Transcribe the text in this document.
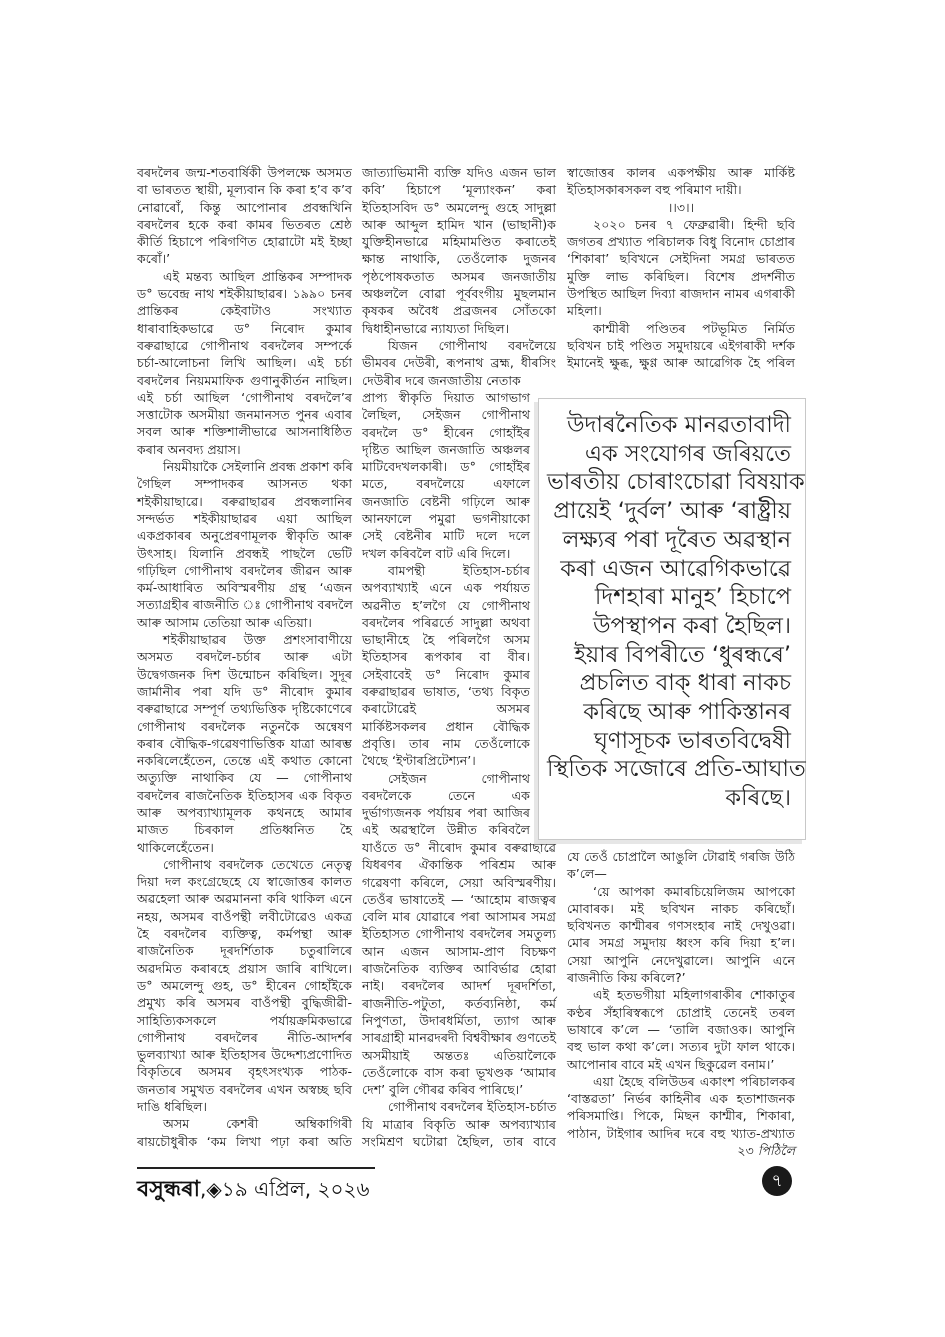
বৰদলৈৰ জন্ম-শতবাৰ্ষিকী উপলক্ষে অসমত
বা ভাৰতত স্থায়ী, মূল্যবান কি কৰা হ’ব ক’ব
নোৱাৰোঁ, কিন্তু আপোনাৰ প্ৰবন্ধখিনি
বৰদলৈৰ হকে কৰা কামৰ ভিতৰত শ্ৰেষ্ঠ
কীৰ্তি হিচাপে পৰিগণিত হোৱাটো মই ইচ্ছা
কৰোঁ।’
এই মন্তব্য আছিল প্ৰান্তিকৰ সম্পাদক
ড° ভবেন্দ্ৰ নাথ শইকীয়াছাৱৰ। ১৯৯০ চনৰ
প্ৰান্তিকৰ কেইবাটাও সংখ্যাত
ধাৰাবাহিকভাৱে ড° নিৰোদ কুমাৰ
বৰুৱাছাৱে গোপীনাথ বৰদলৈৰ সম্পৰ্কে
চৰ্চা-আলোচনা লিখি আছিল। এই চৰ্চা
বৰদলৈৰ নিয়মমাফিক গুণানুকীৰ্তন নাছিল।
এই চৰ্চা আছিল ‘গোপীনাথ বৰদলৈ’ৰ
সত্তাটোক অসমীয়া জনমানসত পুনৰ এবাৰ
সবল আৰু শক্তিশালীভাৱে আসনাধিষ্ঠিত
কৰাৰ অনবদ্য প্ৰয়াস।
নিয়মীয়াকৈ সেইলানি প্ৰবন্ধ প্ৰকাশ কৰি
গৈছিল সম্পাদকৰ আসনত থকা
শইকীয়াছাৱে। বৰুৱাছাৱৰ প্ৰবন্ধলানিৰ
সন্দৰ্ভত শইকীয়াছাৱৰ এয়া আছিল
একপ্ৰকাৰৰ অনুপ্ৰেৰণামূলক স্বীকৃতি আৰু
উৎসাহ। যিলানি প্ৰবন্ধই পাছলৈ ভেটি
গঢ়িছিল গোপীনাথ বৰদলৈৰ জীৱন আৰু
কৰ্ম-আধাৰিত অবিস্মৰণীয় গ্ৰন্থ ‘এজন
সত্যাগ্ৰহীৰ ৰাজনীতি ঃ গোপীনাথ বৰদলৈ
আৰু আসাম তেতিয়া আৰু এতিয়া।
শইকীয়াছাৱৰ উক্ত প্ৰশংসাবাণীয়ে
অসমত বৰদলৈ-চৰ্চাৰ আৰু এটা
উদ্বেগজনক দিশ উন্মোচন কৰিছিল। সুদূৰ
জাৰ্মানীৰ পৰা যদি ড° নীৰোদ কুমাৰ
বৰুৱাছাৱে সম্পূৰ্ণ তথ্যভিত্তিক দৃষ্টিকোণেৰে
গোপীনাথ বৰদলৈক নতুনকৈ অন্বেষণ
কৰাৰ বৌদ্ধিক-গৱেষণাভিত্তিক যাত্ৰা আৰম্ভ
নকৰিলেহেঁতেন, তেন্তে এই কথাত কোনো
অত্যুক্তি নাথাকিব যে — গোপীনাথ
বৰদলৈৰ ৰাজনৈতিক ইতিহাসৰ এক বিকৃত
আৰু অপব্যাখ্যামূলক কথনহে আমাৰ
মাজত চিৰকাল প্ৰতিধ্বনিত হৈ
থাকিলেহেঁতেন।
গোপীনাথ বৰদলৈক তেখেতে নেতৃত্ব
দিয়া দল কংগ্ৰেছেহে যে স্বাজোত্তৰ কালত
অৱহেলা আৰু অৱমাননা কৰি থাকিল এনে
নহয়, অসমৰ বাওঁপন্থী লবীটোৱেও একত্ৰ
হৈ বৰদলৈৰ ব্যক্তিত্ব, কৰ্মপন্থা আৰু
ৰাজনৈতিক দূৰদৰ্শিতাক চতুৰালিৰে
অৱদমিত কৰাৰহে প্ৰয়াস জাৰি ৰাখিলে।
ড° অমলেন্দু গুহ, ড° হীৰেন গোহাঁইকে
প্ৰমুখ্য কৰি অসমৰ বাওঁপন্থী বুদ্ধিজীৱী-
সাহিত্যিকসকলে পৰ্যায়ক্ৰমিকভাৱে
গোপীনাথ বৰদলৈৰ নীতি-আদৰ্শৰ
ভুলব্যাখ্যা আৰু ইতিহাসৰ উদ্দেশ্যপ্ৰণোদিত
বিকৃতিৰে অসমৰ বৃহৎসংখ্যক পাঠক-
জনতাৰ সমুখত বৰদলৈৰ এখন অস্বচ্ছ ছবি
দাঙি ধৰিছিল।
অসম কেশৰী অম্বিকাগিৰী
ৰায়চৌধুৰীক ‘কম লিখা পঢ়া কৰা অতি
জাত্যাভিমানী ব্যক্তি যদিও এজন ভাল
কবি’ হিচাপে ‘মূল্যাংকন’ কৰা
ইতিহাসবিদ ড° অমলেন্দু গুহে সাদুল্লা
আৰু আব্দুল হামিদ খান (ভাছানী)ক
যুক্তিহীনভাৱে মহিমামণ্ডিত কৰাতেই
ক্ষান্ত নাথাকি, তেওঁলোক দুজনৰ
পৃষ্ঠপোষকতাত অসমৰ জনজাতীয়
অঞ্চললৈ বোৱা পূৰ্ববংগীয় মুছলমান
কৃষকৰ অবৈধ প্ৰব্ৰজনৰ সোঁতকো
দ্বিধাহীনভাৱে ন্যায্যতা দিছিল।
যিজন গোপীনাথ বৰদলৈয়ে
ভীমবৰ দেউৰী, ৰূপনাথ ব্ৰহ্ম, ধীৰসিং
দেউৰীৰ দৰে জনজাতীয় নেতাক
প্ৰাপ্য স্বীকৃতি দিয়াত আগভাগ
লৈছিল, সেইজন গোপীনাথ
বৰদলৈ ড° হীৰেন গোহাঁইৰ
দৃষ্টিত আছিল জনজাতি অঞ্চলৰ
মাটিবেদখলকাৰী। ড° গোহাঁইৰ
মতে, বৰদলৈয়ে এফালে
জনজাতি বেষ্টনী গঢ়িলে আৰু
আনফালে পমুৱা ভগনীয়াকো
সেই বেষ্টনীৰ মাটি দলে দলে
দখল কৰিবলৈ বাট এৰি দিলে।
বামপন্থী ইতিহাস-চৰ্চাৰ
অপব্যাখ্যাই এনে এক পৰ্যায়ত
অৱনীত হ’লগৈ যে গোপীনাথ
বৰদলৈৰ পৰিৱৰ্তে সাদুল্লা অথবা
ভাছানীহে হৈ পৰিলগৈ অসম
ইতিহাসৰ ৰূপকাৰ বা বীৰ।
সেইবাবেই ড° নিৰোদ কুমাৰ
বৰুৱাছাৱৰ ভাষাত, ‘তথ্য বিকৃত
কৰাটোৱেই অসমৰ
মাৰ্কিষ্টসকলৰ প্ৰধান বৌদ্ধিক
প্ৰবৃত্তি। তাৰ নাম তেওঁলোকে
থৈছে ‘ইণ্টাৰপ্ৰিটেশ্যন’।
সেইজন গোপীনাথ
বৰদলৈকে তেনে এক
দুৰ্ভাগ্যজনক পৰ্যায়ৰ পৰা আজিৰ
এই অৱস্থালৈ উন্নীত কৰিবলৈ
যাওঁতে ড° নীৰোদ কুমাৰ বৰুৱাছাৱে
যিধৰণৰ ঐকান্তিক পৰিশ্ৰম আৰু
গৱেষণা কৰিলে, সেয়া অবিস্মৰণীয়।
তেওঁৰ ভাষাতেই — ‘আহোম ৰাজত্বৰ
বেলি মাৰ যোৱাৰে পৰা আসামৰ সমগ্ৰ
ইতিহাসত গোপীনাথ বৰদলৈৰ সমতুল্য
আন এজন আসাম-প্ৰাণ বিচক্ষণ
ৰাজনৈতিক ব্যক্তিৰ আবিৰ্ভাৱ হোৱা
নাই। বৰদলৈৰ আদৰ্শ দূৰদৰ্শিতা,
ৰাজনীতি-পটুতা, কৰ্তব্যনিষ্ঠা, কৰ্ম
নিপুণতা, উদাৰধৰ্মিতা, ত্যাগ আৰু
সাৰগ্ৰাহী মানৱদৰদী বিশ্ববীক্ষাৰ গুণতেই
অসমীয়াই অন্ততঃ এতিয়ালৈকে
তেওঁলোকে বাস কৰা ভূখণ্ডক ‘আমাৰ
দেশ’ বুলি গৌৰৱ কৰিব পাৰিছে।’
গোপীনাথ বৰদলৈৰ ইতিহাস-চৰ্চাত
যি মাত্ৰাৰ বিকৃতি আৰু অপব্যাখ্যাৰ
সংমিশ্ৰণ ঘটোৱা হৈছিল, তাৰ বাবে
স্বাজোত্তৰ কালৰ একপক্ষীয় আৰু মাৰ্কিষ্ট
ইতিহাসকাৰসকল বহু পৰিমাণ দায়ী।
।।৩।।
২০২০ চনৰ ৭ ফেব্ৰুৱাৰী। হিন্দী ছবি
জগতৰ প্ৰখ্যাত পৰিচালক বিধু বিনোদ চোপ্ৰাৰ
‘শিকাৰা’ ছবিখনে সেইদিনা সমগ্ৰ ভাৰতত
মুক্তি লাভ কৰিছিল। বিশেষ প্ৰদৰ্শনীত
উপস্থিত আছিল দিব্যা ৰাজদান নামৰ এগৰাকী
মহিলা।
কাশ্মীৰী পণ্ডিতৰ পটভূমিত নিৰ্মিত
ছবিখন চাই পণ্ডিত সমুদায়ৰে এইগৰাকী দৰ্শক
ইমানেই ক্ষুব্ধ, ক্ষুণ্ণ আৰু আৱেগিক হৈ পৰিল
যে তেওঁ চোপ্ৰালৈ আঙুলি টোৱাই গৰজি উঠি
ক’লে—
‘য়ে আপকা কমাৰচিয়েলিজম আপকো
মোবাৰক। মই ছবিখন নাকচ কৰিছোঁ।
ছবিখনত কাশ্মীৰৰ গণসংহাৰ নাই দেখুওৱা।
মোৰ সমগ্ৰ সমুদায় ধ্বংস কৰি দিয়া হ’ল।
সেয়া আপুনি নেদেখুৱালে। আপুনি এনে
ৰাজনীতি কিয় কৰিলে?’
এই হতভগীয়া মহিলাগৰাকীৰ শোকাতুৰ
কণ্ঠৰ সঁহাৰিস্বৰূপে চোপ্ৰাই তেনেই তৰল
ভাষাৰে ক’লে — ‘তালি বজাওক। আপুনি
বহু ভাল কথা ক’লে। সত্যৰ দুটা ফাল থাকে।
আপোনাৰ বাবে মই এখন ছিকুৱেল বনাম।’
এয়া হৈছে বলিউডৰ একাংশ পৰিচালকৰ
‘বাস্তৱতা’ নিৰ্ভৰ কাহিনীৰ এক হতাশাজনক
পৰিসমাপ্তি। পিকে, মিছন কাশ্মীৰ, শিকাৰা,
পাঠান, টাইগাৰ আদিৰ দৰে বহু খ্যাত-প্ৰখ্যাত
২৩ পিঠিলৈ
উদাৰনৈতিক মানৱতাবাদী
এক সংযোগৰ জৰিয়তে
ভাৰতীয় চোৰাংচোৱা বিষয়াক
প্ৰায়েই ‘দুৰ্বল’ আৰু ‘ৰাষ্ট্ৰীয়
লক্ষ্যৰ পৰা দূৰৈত অৱস্থান
কৰা এজন আৱেগিকভাৱে
দিশহাৰা মানুহ’ হিচাপে
উপস্থাপন কৰা হৈছিল।
ইয়াৰ বিপৰীতে ‘ধুৰন্ধৰে’
প্ৰচলিত বাক্ ধাৰা নাকচ
কৰিছে আৰু পাকিস্তানৰ
ঘৃণাসূচক ভাৰতবিদ্বেষী
স্থিতিক সজোৰে প্ৰতি-আঘাত
কৰিছে।
বসুন্ধৰা,◈১৯ এপ্ৰিল, ২০২৬	৭
